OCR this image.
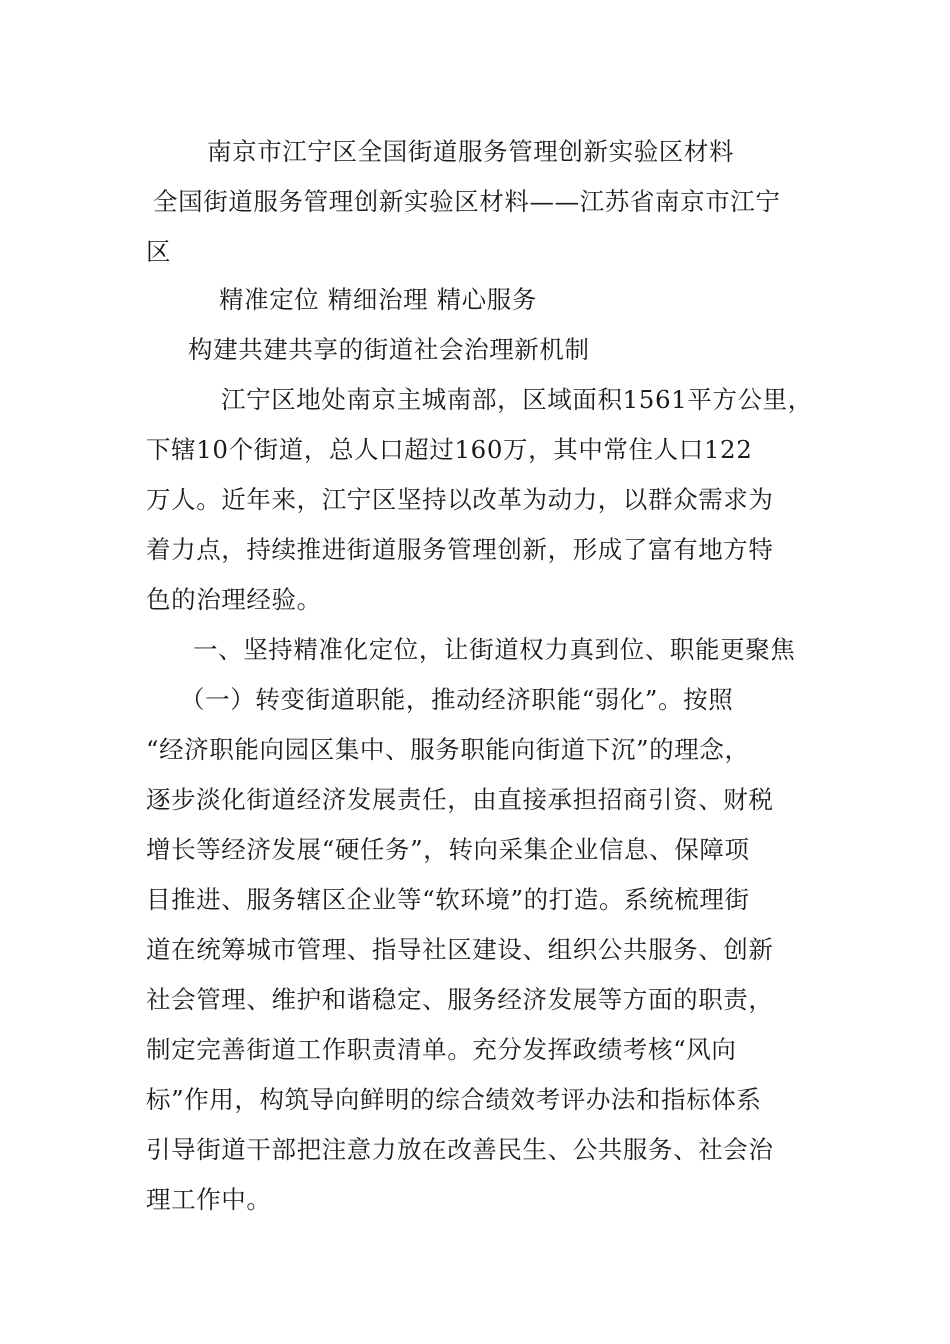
南京市江宁区全国街道服务管理创新实验区材料
全国街道服务管理创新实验区材料——江苏省南京市江宁
区
精准定位 精细治理 精心服务
构建共建共享的街道社会治理新机制
江宁区地处南京主城南部，区域面积1561平方公里，
下辖10个街道，总人口超过160万，其中常住人口122
万人。近年来，江宁区坚持以改革为动力，以群众需求为
着力点，持续推进街道服务管理创新，形成了富有地方特
色的治理经验。
一、坚持精准化定位，让街道权力真到位、职能更聚焦
（一）转变街道职能，推动经济职能“弱化”。按照
“经济职能向园区集中、服务职能向街道下沉”的理念，
逐步淡化街道经济发展责任，由直接承担招商引资、财税
增长等经济发展“硬任务”，转向采集企业信息、保障项
目推进、服务辖区企业等“软环境”的打造。系统梳理街
道在统筹城市管理、指导社区建设、组织公共服务、创新
社会管理、维护和谐稳定、服务经济发展等方面的职责，
制定完善街道工作职责清单。充分发挥政绩考核“风向
标”作用，构筑导向鲜明的综合绩效考评办法和指标体系
引导街道干部把注意力放在改善民生、公共服务、社会治
理工作中。
